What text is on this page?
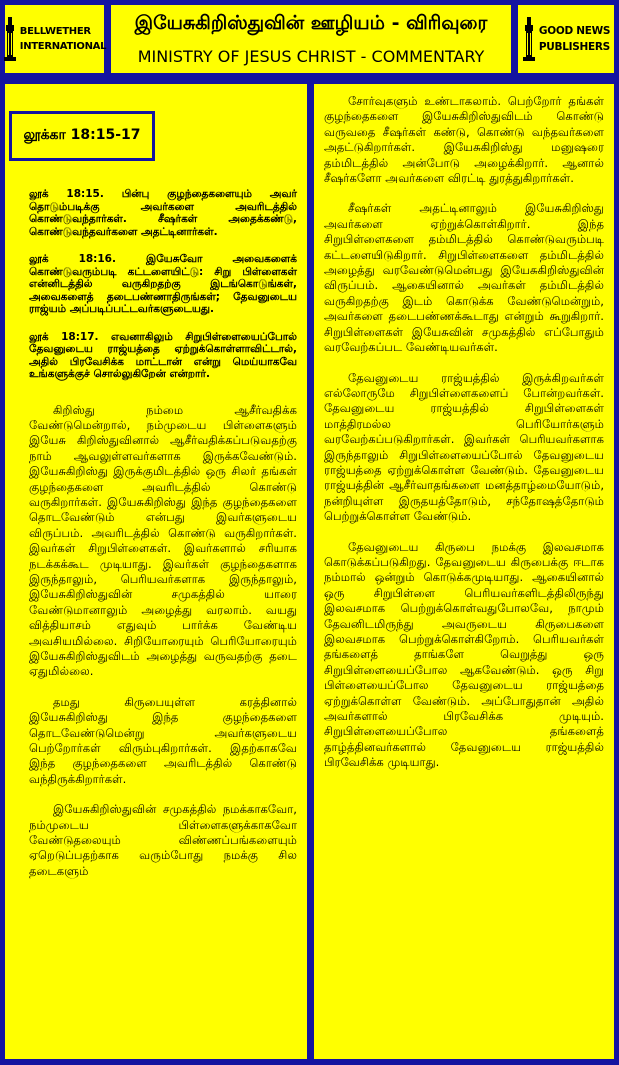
BELLWETHER
INTERNATIONAL
இயேசுகிறிஸ்துவின் ஊழியம் - விரிவுரை
MINISTRY OF JESUS CHRIST - COMMENTARY
GOOD NEWS
PUBLISHERS
லூக்கா 18:15-17
லூக் 18:15. பின்பு குழந்தைகளையும் அவர் தொடும்படிக்கு அவர்களை அவரிடத்தில் கொண்டுவந்தார்கள். சீஷர்கள் அதைக்கண்டு, கொண்டுவந்தவர்களை அதட்டினார்கள்.
லூக் 18:16. இயேசுவோ அவைகளைக் கொண்டுவரும்படி கட்டளையிட்டு: சிறு பிள்ளைகள் என்னிடத்தில் வருகிறதற்கு இடங்கொடுங்கள், அவைகளைத் தடைபண்ணாதிருங்கள்; தேவனுடைய ராஜ்யம் அப்படிப்பட்டவர்களுடையது.
லூக் 18:17. எவனாகிலும் சிறுபிள்ளையைப்போல் தேவனுடைய ராஜ்யத்தை ஏற்றுக்கொள்ளாவிட்டால், அதில் பிரவேசிக்க மாட்டான் என்று மெய்யாகவே உங்களுக்குச் சொல்லுகிறேன் என்றார்.

கிறிஸ்து நம்மை ஆசீர்வதிக்க வேண்டுமென்றால், நம்முடைய பிள்ளைகளும் இயேசு கிறிஸ்துவினால் ஆசீர்வதிக்கப்படுவதற்கு நாம் ஆவலுள்ளவர்களாக இருக்கவேண்டும். இயேசுகிறிஸ்து இருக்குமிடத்தில் ஒரு சிலர் தங்கள் குழந்தைகளை அவரிடத்தில் கொண்டு வருகிறார்கள். இயேசுகிறிஸ்து இந்த குழந்தைகளை தொடவேண்டும் என்பது இவர்களுடைய விருப்பம். அவரிடத்தில் கொண்டு வருகிறார்கள். இவர்கள் சிறுபிள்ளைகள். இவர்களால் சரியாக நடக்கக்கூட முடியாது. இவர்கள் குழந்தைகளாக இருந்தாலும், பெரியவர்களாக இருந்தாலும், இயேசுகிறிஸ்துவின் சமுகத்தில் யாரை வேண்டுமானாலும் அழைத்து வரலாம். வயது வித்தியாசம் எதுவும் பார்க்க வேண்டிய அவசியமில்லை. சிறியோரையும் பெரியோரையும் இயேசுகிறிஸ்துவிடம் அழைத்து வருவதற்கு தடை ஏதுமில்லை.

தமது கிருபையுள்ள கரத்தினால் இயேசுகிறிஸ்து இந்த குழந்தைகளை தொடவேண்டுமென்று அவர்களுடைய பெற்றோர்கள் விரும்புகிறார்கள். இதற்காகவே இந்த குழந்தைகளை அவரிடத்தில் கொண்டு வந்திருக்கிறார்கள்.

இயேசுகிறிஸ்துவின் சமுகத்தில் நமக்காகவோ, நம்முடைய பிள்ளைகளுக்காகவோ வேண்டுதலையும் விண்ணப்பங்களையும் ஏறெடுப்பதற்காக வரும்போது நமக்கு சில தடைகளும்

சோர்வுகளும் உண்டாகலாம். பெற்றோர் தங்கள் குழந்தைகளை இயேசுகிறிஸ்துவிடம் கொண்டு வருவதை சீஷர்கள் கண்டு, கொண்டு வந்தவர்களை அதட்டுகிறார்கள். இயேசுகிறிஸ்து மனுஷரை தம்மிடத்தில் அன்போடு அழைக்கிறார். ஆனால் சீஷர்களோ அவர்களை விரட்டி துரத்துகிறார்கள்.

சீஷர்கள் அதட்டினாலும் இயேசுகிறிஸ்து அவர்களை ஏற்றுக்கொள்கிறார். இந்த சிறுபிள்ளைகளை தம்மிடத்தில் கொண்டுவரும்படி கட்டளையிடுகிறார். சிறுபிள்ளைகளை தம்மிடத்தில் அழைத்து வரவேண்டுமென்பது இயேசுகிறிஸ்துவின் விருப்பம். ஆகையினால் அவர்கள் தம்மிடத்தில் வருகிறதற்கு இடம் கொடுக்க வேண்டுமென்றும், அவர்களை தடைபண்ணக்கூடாது என்றும் கூறுகிறார். சிறுபிள்ளைகள் இயேசுவின் சமுகத்தில் எப்போதும் வரவேற்கப்பட வேண்டியவர்கள்.

தேவனுடைய ராஜ்யத்தில் இருக்கிறவர்கள் எல்லோருமே சிறுபிள்ளைகளைப் போன்றவர்கள். தேவனுடைய ராஜ்யத்தில் சிறுபிள்ளைகள் மாத்திரமல்ல பெரியோர்களும் வரவேற்கப்படுகிறார்கள். இவர்கள் பெரியவர்களாக இருந்தாலும் சிறுபிள்ளையைப்போல் தேவனுடைய ராஜ்யத்தை ஏற்றுக்கொள்ள வேண்டும். தேவனுடைய ராஜ்யத்தின் ஆசீர்வாதங்களை மனத்தாழ்மையோடும், நன்றியுள்ள இருதயத்தோடும், சந்தோஷத்தோடும் பெற்றுக்கொள்ள வேண்டும்.

தேவனுடைய கிருபை நமக்கு இலவசமாக கொடுக்கப்படுகிறது. தேவனுடைய கிருபைக்கு ஈடாக நம்மால் ஒன்றும் கொடுக்கமுடியாது. ஆகையினால் ஒரு சிறுபிள்ளை பெரியவர்களிடத்திலிருந்து இலவசமாக பெற்றுக்கொள்வதுபோலவே, நாமும் தேவனிடமிருந்து அவருடைய கிருபைகளை இலவசமாக பெற்றுக்கொள்கிறோம். பெரியவர்கள் தங்களைத் தாங்களே வெறுத்து ஒரு சிறுபிள்ளையைப்போல ஆகவேண்டும். ஒரு சிறு பிள்ளையைப்போல தேவனுடைய ராஜ்யத்தை ஏற்றுக்கொள்ள வேண்டும். அப்போதுதான் அதில் அவர்களால் பிரவேசிக்க முடியும். சிறுபிள்ளையைப்போல தங்களைத் தாழ்த்தினவர்களால் தேவனுடைய ராஜ்யத்தில் பிரவேசிக்க முடியாது.
